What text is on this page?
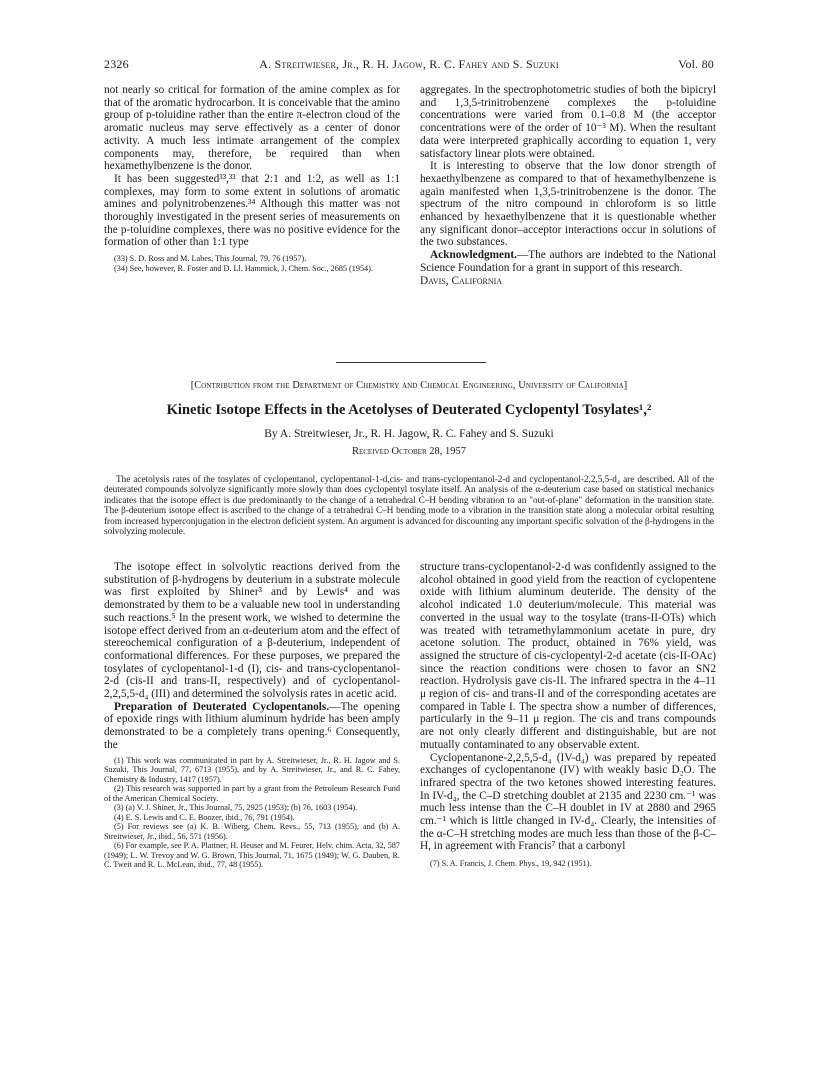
2326	A. Streitwieser, Jr., R. H. Jagow, R. C. Fahey and S. Suzuki	Vol. 80

not nearly so critical for formation of the amine complex as for that of the aromatic hydrocarbon. It is conceivable that the amino group of p-toluidine rather than the entire π-electron cloud of the aromatic nucleus may serve effectively as a center of donor activity. A much less intimate arrangement of the complex components may, therefore, be required than when hexamethylbenzene is the donor.

It has been suggested³³,³³ that 2:1 and 1:2, as well as 1:1 complexes, may form to some extent in solutions of aromatic amines and polynitrobenzenes.³⁴ Although this matter was not thoroughly investigated in the present series of measurements on the p-toluidine complexes, there was no positive evidence for the formation of other than 1:1 type

(33) S. D. Ross and M. Labes, This Journal, 79, 76 (1957).

(34) See, however, R. Foster and D. Ll. Hammick, J. Chem. Soc., 2685 (1954).

aggregates. In the spectrophotometric studies of both the bipicryl and 1,3,5-trinitrobenzene complexes the p-toluidine concentrations were varied from 0.1–0.8 M (the acceptor concentrations were of the order of 10⁻³ M). When the resultant data were interpreted graphically according to equation 1, very satisfactory linear plots were obtained.

It is interesting to observe that the low donor strength of hexaethylbenzene as compared to that of hexamethylbenzene is again manifested when 1,3,5-trinitrobenzene is the donor. The spectrum of the nitro compound in chloroform is so little enhanced by hexaethylbenzene that it is questionable whether any significant donor–acceptor interactions occur in solutions of the two substances.

Acknowledgment.—The authors are indebted to the National Science Foundation for a grant in support of this research.

Davis, California

[Contribution from the Department of Chemistry and Chemical Engineering, University of California]
Kinetic Isotope Effects in the Acetolyses of Deuterated Cyclopentyl Tosylates¹,²
By A. Streitwieser, Jr., R. H. Jagow, R. C. Fahey and S. Suzuki
Received October 28, 1957
The acetolysis rates of the tosylates of cyclopentanol, cyclopentanol-1-d,cis- and trans-cyclopentanol-2-d and cyclopentanol-2,2,5,5-d₄ are described. All of the deuterated compounds solvolyze significantly more slowly than does cyclopentyl tosylate itself. An analysis of the α-deuterium case based on statistical mechanics indicates that the isotope effect is due predominantly to the change of a tetrahedral C–H bending vibration to an "out-of-plane" deformation in the transition state. The β-deuterium isotope effect is ascribed to the change of a tetrahedral C–H bending mode to a vibration in the transition state along a molecular orbital resulting from increased hyperconjugation in the electron deficient system. An argument is advanced for discounting any important specific solvation of the β-hydrogens in the solvolyzing molecule.

The isotope effect in solvolytic reactions derived from the substitution of β-hydrogens by deuterium in a substrate molecule was first exploited by Shiner³ and by Lewis⁴ and was demonstrated by them to be a valuable new tool in understanding such reactions.⁵ In the present work, we wished to determine the isotope effect derived from an α-deuterium atom and the effect of stereochemical configuration of a β-deuterium, independent of conformational differences. For these purposes, we prepared the tosylates of cyclopentanol-1-d (I), cis- and trans-cyclopentanol-2-d (cis-II and trans-II, respectively) and of cyclopentanol-2,2,5,5-d₄ (III) and determined the solvolysis rates in acetic acid.

Preparation of Deuterated Cyclopentanols.—The opening of epoxide rings with lithium aluminum hydride has been amply demonstrated to be a completely trans opening.⁶ Consequently, the

(1) This work was communicated in part by A. Streitwieser, Jr., R. H. Jagow and S. Suzuki, This Journal, 77, 6713 (1955), and by A. Streitwieser, Jr., and R. C. Fahey, Chemistry & Industry, 1417 (1957).

(2) This research was supported in part by a grant from the Petroleum Research Fund of the American Chemical Society.

(3) (a) V. J. Shiner, Jr., This Journal, 75, 2925 (1953); (b) 76, 1603 (1954).

(4) E. S. Lewis and C. E. Boozer, ibid., 76, 791 (1954).

(5) For reviews see (a) K. B. Wiberg, Chem. Revs., 55, 713 (1955), and (b) A. Streitwieser, Jr., ibid., 56, 571 (1956).

(6) For example, see P. A. Plattner, H. Heuser and M. Feurer, Helv. chim. Acta, 32, 587 (1949); L. W. Trevoy and W. G. Brown, This Journal, 71, 1675 (1949); W. G. Dauben, R. C. Tweit and R. L. McLean, ibid., 77, 48 (1955).

structure trans-cyclopentanol-2-d was confidently assigned to the alcohol obtained in good yield from the reaction of cyclopentene oxide with lithium aluminum deuteride. The density of the alcohol indicated 1.0 deuterium/molecule. This material was converted in the usual way to the tosylate (trans-II-OTs) which was treated with tetramethylammonium acetate in pure, dry acetone solution. The product, obtained in 76% yield, was assigned the structure of cis-cyclopentyl-2-d acetate (cis-II-OAc) since the reaction conditions were chosen to favor an SN2 reaction. Hydrolysis gave cis-II. The infrared spectra in the 4–11 μ region of cis- and trans-II and of the corresponding acetates are compared in Table I. The spectra show a number of differences, particularly in the 9–11 μ region. The cis and trans compounds are not only clearly different and distinguishable, but are not mutually contaminated to any observable extent.

Cyclopentanone-2,2,5,5-d₄ (IV-d₄) was prepared by repeated exchanges of cyclopentanone (IV) with weakly basic D₂O. The infrared spectra of the two ketones showed interesting features. In IV-d₄, the C–D stretching doublet at 2135 and 2230 cm.⁻¹ was much less intense than the C–H doublet in IV at 2880 and 2965 cm.⁻¹ which is little changed in IV-d₄. Clearly, the intensities of the α-C–H stretching modes are much less than those of the β-C–H, in agreement with Francis⁷ that a carbonyl

(7) S. A. Francis, J. Chem. Phys., 19, 942 (1951).
